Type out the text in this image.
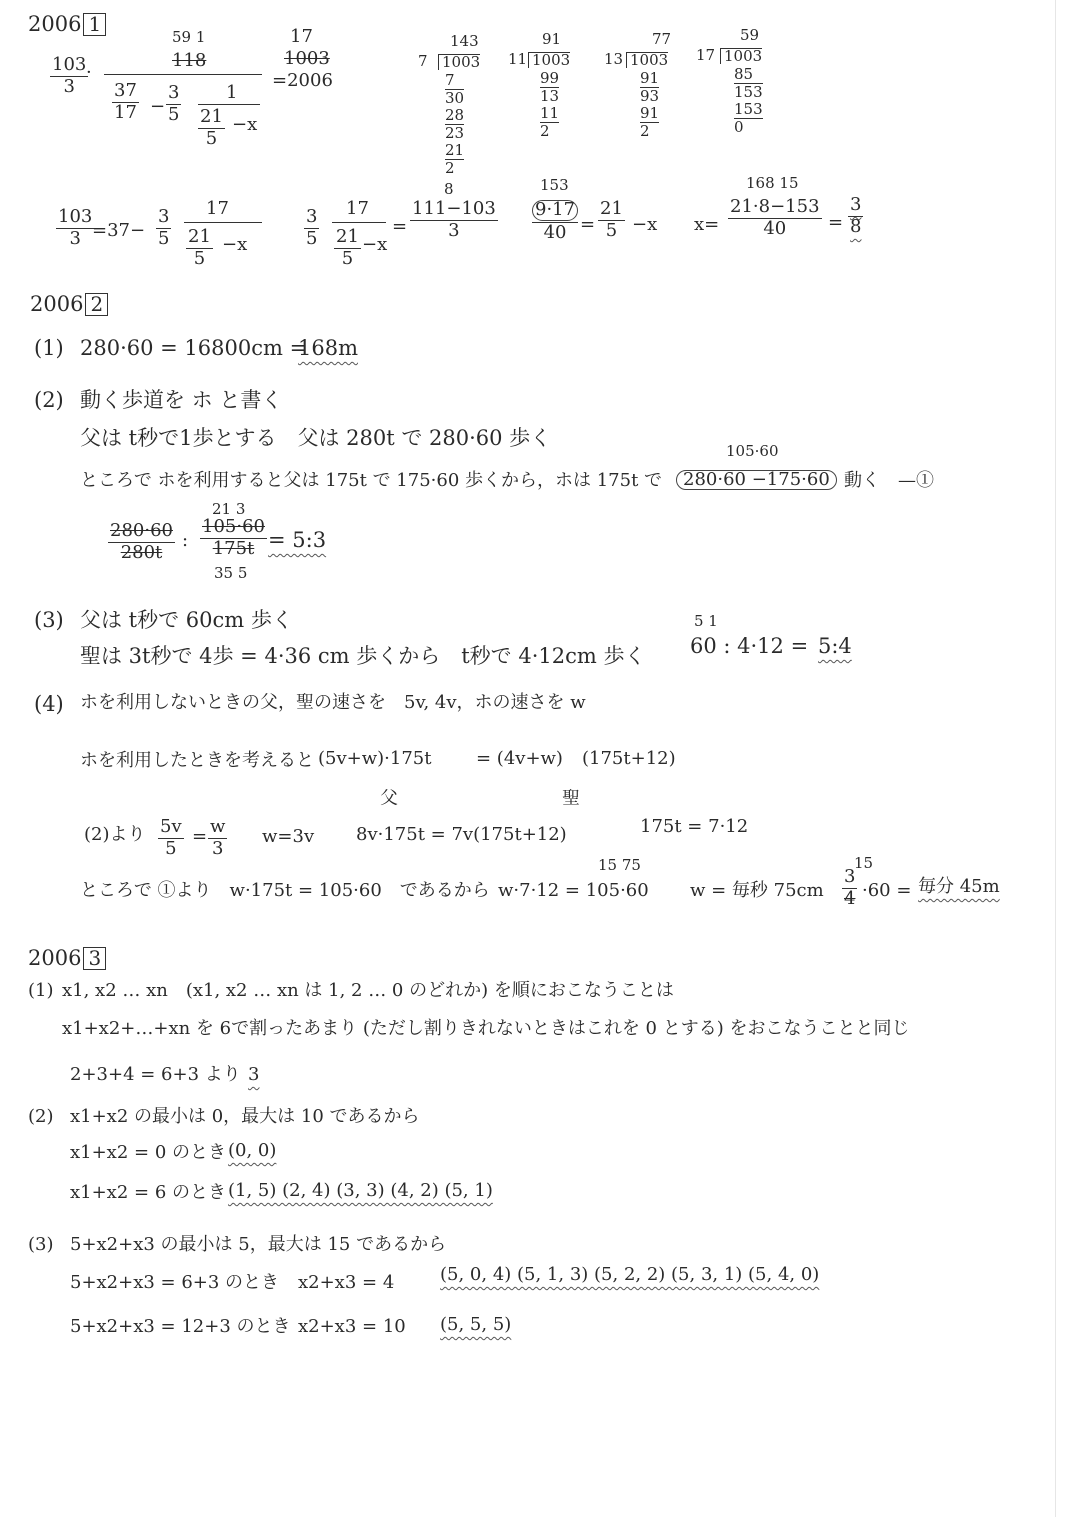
2006 1
103
3
·
59 1
118
37
17 −
3
5
1
21
5
−x
17
1003
=2006
143
7 1003
7
30
28
23
21
2
91
11 1003
99
13
11
2
77
13 1003
91
93
91
2
59
17 1003
85
153
153
0
103
3 =37−
3
5
17
21
5
−x
3
5
17
21
5
−x
=
8
111−103
3
153
$\frac{9\cdot 17}{40}$ =
21
5 −x x=
168 15
21·8−153
40 =
3
8
2006 2
(1) 280·60 = 16800cm =
168m
(2) 動く歩道を ホ と書く
父は t秒で1歩とする　父は 280t で 280·60 歩く
105·60
ところで ホを利用すると父は 175t で 175·60 歩くから，ホは 175t で	280·60 −175·60 動く　—①
280·60
280t
:
21 3
105·60
175t
35 5
= 5:3
(3) 父は t秒で 60cm 歩く
聖は 3t秒で 4歩 = 4·36 cm 歩くから　t秒で 4·12cm 歩く
5 1
60 : 4·12 = 5:4
(4) ホを利用しないときの父，聖の速さを　5v, 4v，ホの速さを w
ホを利用したときを考えると (5v+w)·175t = (4v+w) (175t+12)
父	聖
(2)より 5v
5
= w
3
w=3v 8v·175t = 7v(175t+12)	175t = 7·12
ところで ①より　w·175t = 105·60　であるから
15 75
w·7·12 = 105·60 w = 毎秒 75cm
15
3
4 ·60 = 毎分 45m
2006 3
(1) x1, x2 … xn　(x1, x2 … xn は 1, 2 … 0 のどれか) を順におこなうことは
x1+x2+…+xn を 6で割ったあまり (ただし割りきれないときはこれを 0 とする) をおこなうことと同じ
2+3+4 = 6+3 より 3
(2) x1+x2 の最小は 0，最大は 10 であるから
x1+x2 = 0 のとき (0, 0)
x1+x2 = 6 のとき (1, 5) (2, 4) (3, 3) (4, 2) (5, 1)
(3) 5+x2+x3 の最小は 5，最大は 15 であるから
5+x2+x3 = 6+3 のとき x2+x3 = 4	(5, 0, 4) (5, 1, 3) (5, 2, 2) (5, 3, 1) (5, 4, 0)
5+x2+x3 = 12+3 のとき x2+x3 = 10 (5, 5, 5)
